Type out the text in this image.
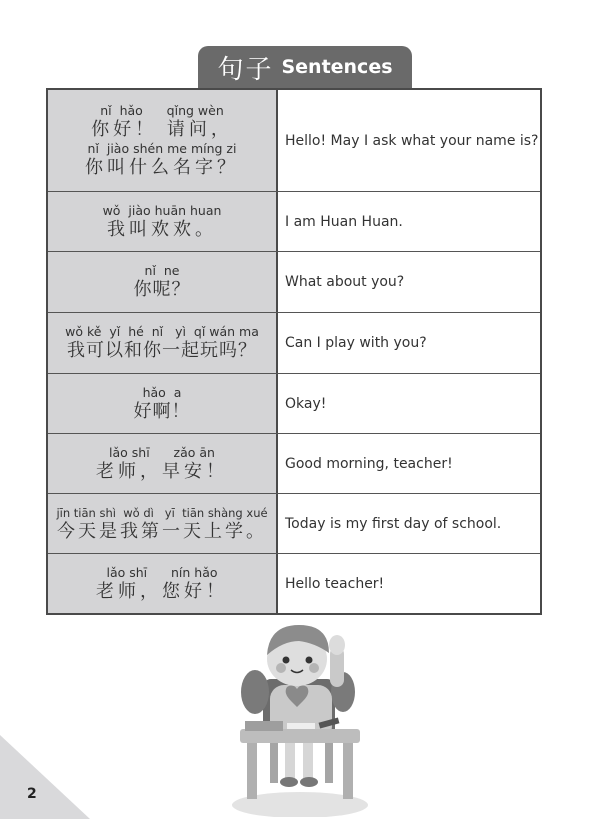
句子 Sentences
nǐ  hǎo      qǐng wèn
你好！ 请问，
nǐ  jiào shén me míng zi
你叫什么名字？
Hello! May I ask what your name is?
wǒ  jiào huān huan
我叫欢欢。	I am Huan Huan.
nǐ  ne
你呢？	What about you?
wǒ kě  yǐ  hé  nǐ   yì  qǐ wán ma
我可以和你一起玩吗？	Can I play with you?
hǎo  a
好啊！	Okay!
lǎo shī      zǎo ān
老师，早安！	Good morning, teacher!
jīn tiān shì  wǒ dì   yī  tiān shàng xué
今天是我第一天上学。	Today is my first day of school.
lǎo shī      nín hǎo
老师，您好！	Hello teacher!
2
